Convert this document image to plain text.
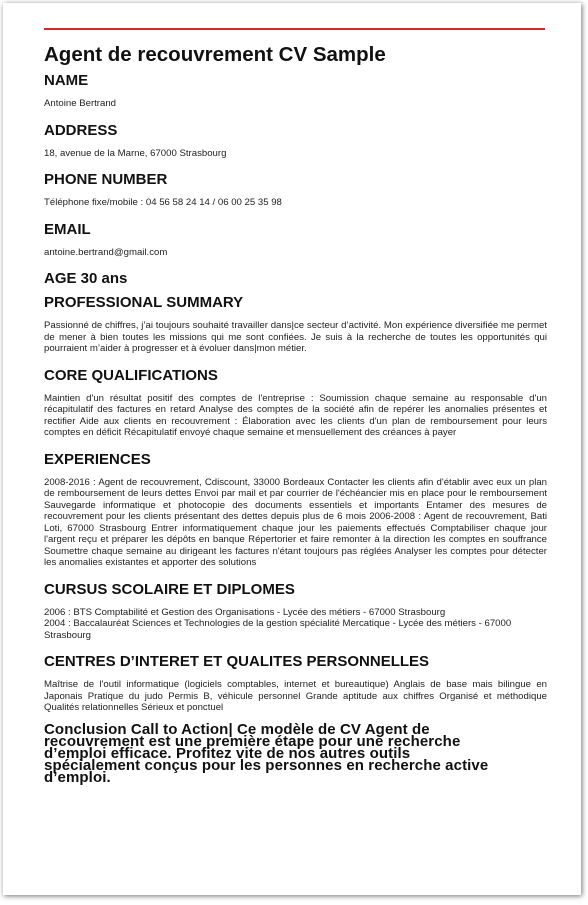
Agent de recouvrement CV Sample
NAME

Antoine Bertrand

ADDRESS

18, avenue de la Marne, 67000 Strasbourg

PHONE NUMBER

Téléphone fixe/mobile : 04 56 58 24 14 / 06 00 25 35 98

EMAIL

antoine.bertrand@gmail.com

AGE 30 ans
PROFESSIONAL SUMMARY

Passionné de chiffres, j’ai toujours souhaité travailler dans|ce secteur d’activité. Mon expérience diversifiée me permet de mener à bien toutes les missions qui me sont confiées. Je suis à la recherche de toutes les opportunités qui pourraient m’aider à progresser et à évoluer dans|mon métier.

CORE QUALIFICATIONS

Maintien d'un résultat positif des comptes de l'entreprise : Soumission chaque semaine au responsable d'un récapitulatif des factures en retard Analyse des comptes de la société afin de repérer les anomalies présentes et rectifier Aide aux clients en recouvrement : Élaboration avec les clients d'un plan de remboursement pour leurs comptes en déficit Récapitulatif envoyé chaque semaine et mensuellement des créances à payer

EXPERIENCES

2008-2016 : Agent de recouvrement, Cdiscount, 33000 Bordeaux Contacter les clients afin d'établir avec eux un plan de remboursement de leurs dettes Envoi par mail et par courrier de l'échéancier mis en place pour le remboursement Sauvegarde informatique et photocopie des documents essentiels et importants Entamer des mesures de recouvrement pour les clients présentant des dettes depuis plus de 6 mois 2006-2008 : Agent de recouvrement, Bati Loti, 67000 Strasbourg Entrer informatiquement chaque jour les paiements effectués Comptabiliser chaque jour l'argent reçu et préparer les dépôts en banque Répertorier et faire remonter à la direction les comptes en souffrance Soumettre chaque semaine au dirigeant les factures n'étant toujours pas réglées Analyser les comptes pour détecter les anomalies existantes et apporter des solutions

CURSUS SCOLAIRE ET DIPLOMES

2006 : BTS Comptabilité et Gestion des Organisations - Lycée des métiers - 67000 Strasbourg

2004 : Baccalauréat Sciences et Technologies de la gestion spécialité Mercatique - Lycée des métiers - 67000 Strasbourg

CENTRES D’INTERET ET QUALITES PERSONNELLES

Maîtrise de l'outil informatique (logiciels comptables, internet et bureautique) Anglais de base mais bilingue en Japonais Pratique du judo Permis B, véhicule personnel Grande aptitude aux chiffres Organisé et méthodique Qualités relationnelles Sérieux et ponctuel

Conclusion Call to Action| Ce modèle de CV Agent de
recouvrement est une première étape pour une recherche
d’emploi efficace. Profitez vite de nos autres outils
spécialement conçus pour les personnes en recherche active
d’emploi.
